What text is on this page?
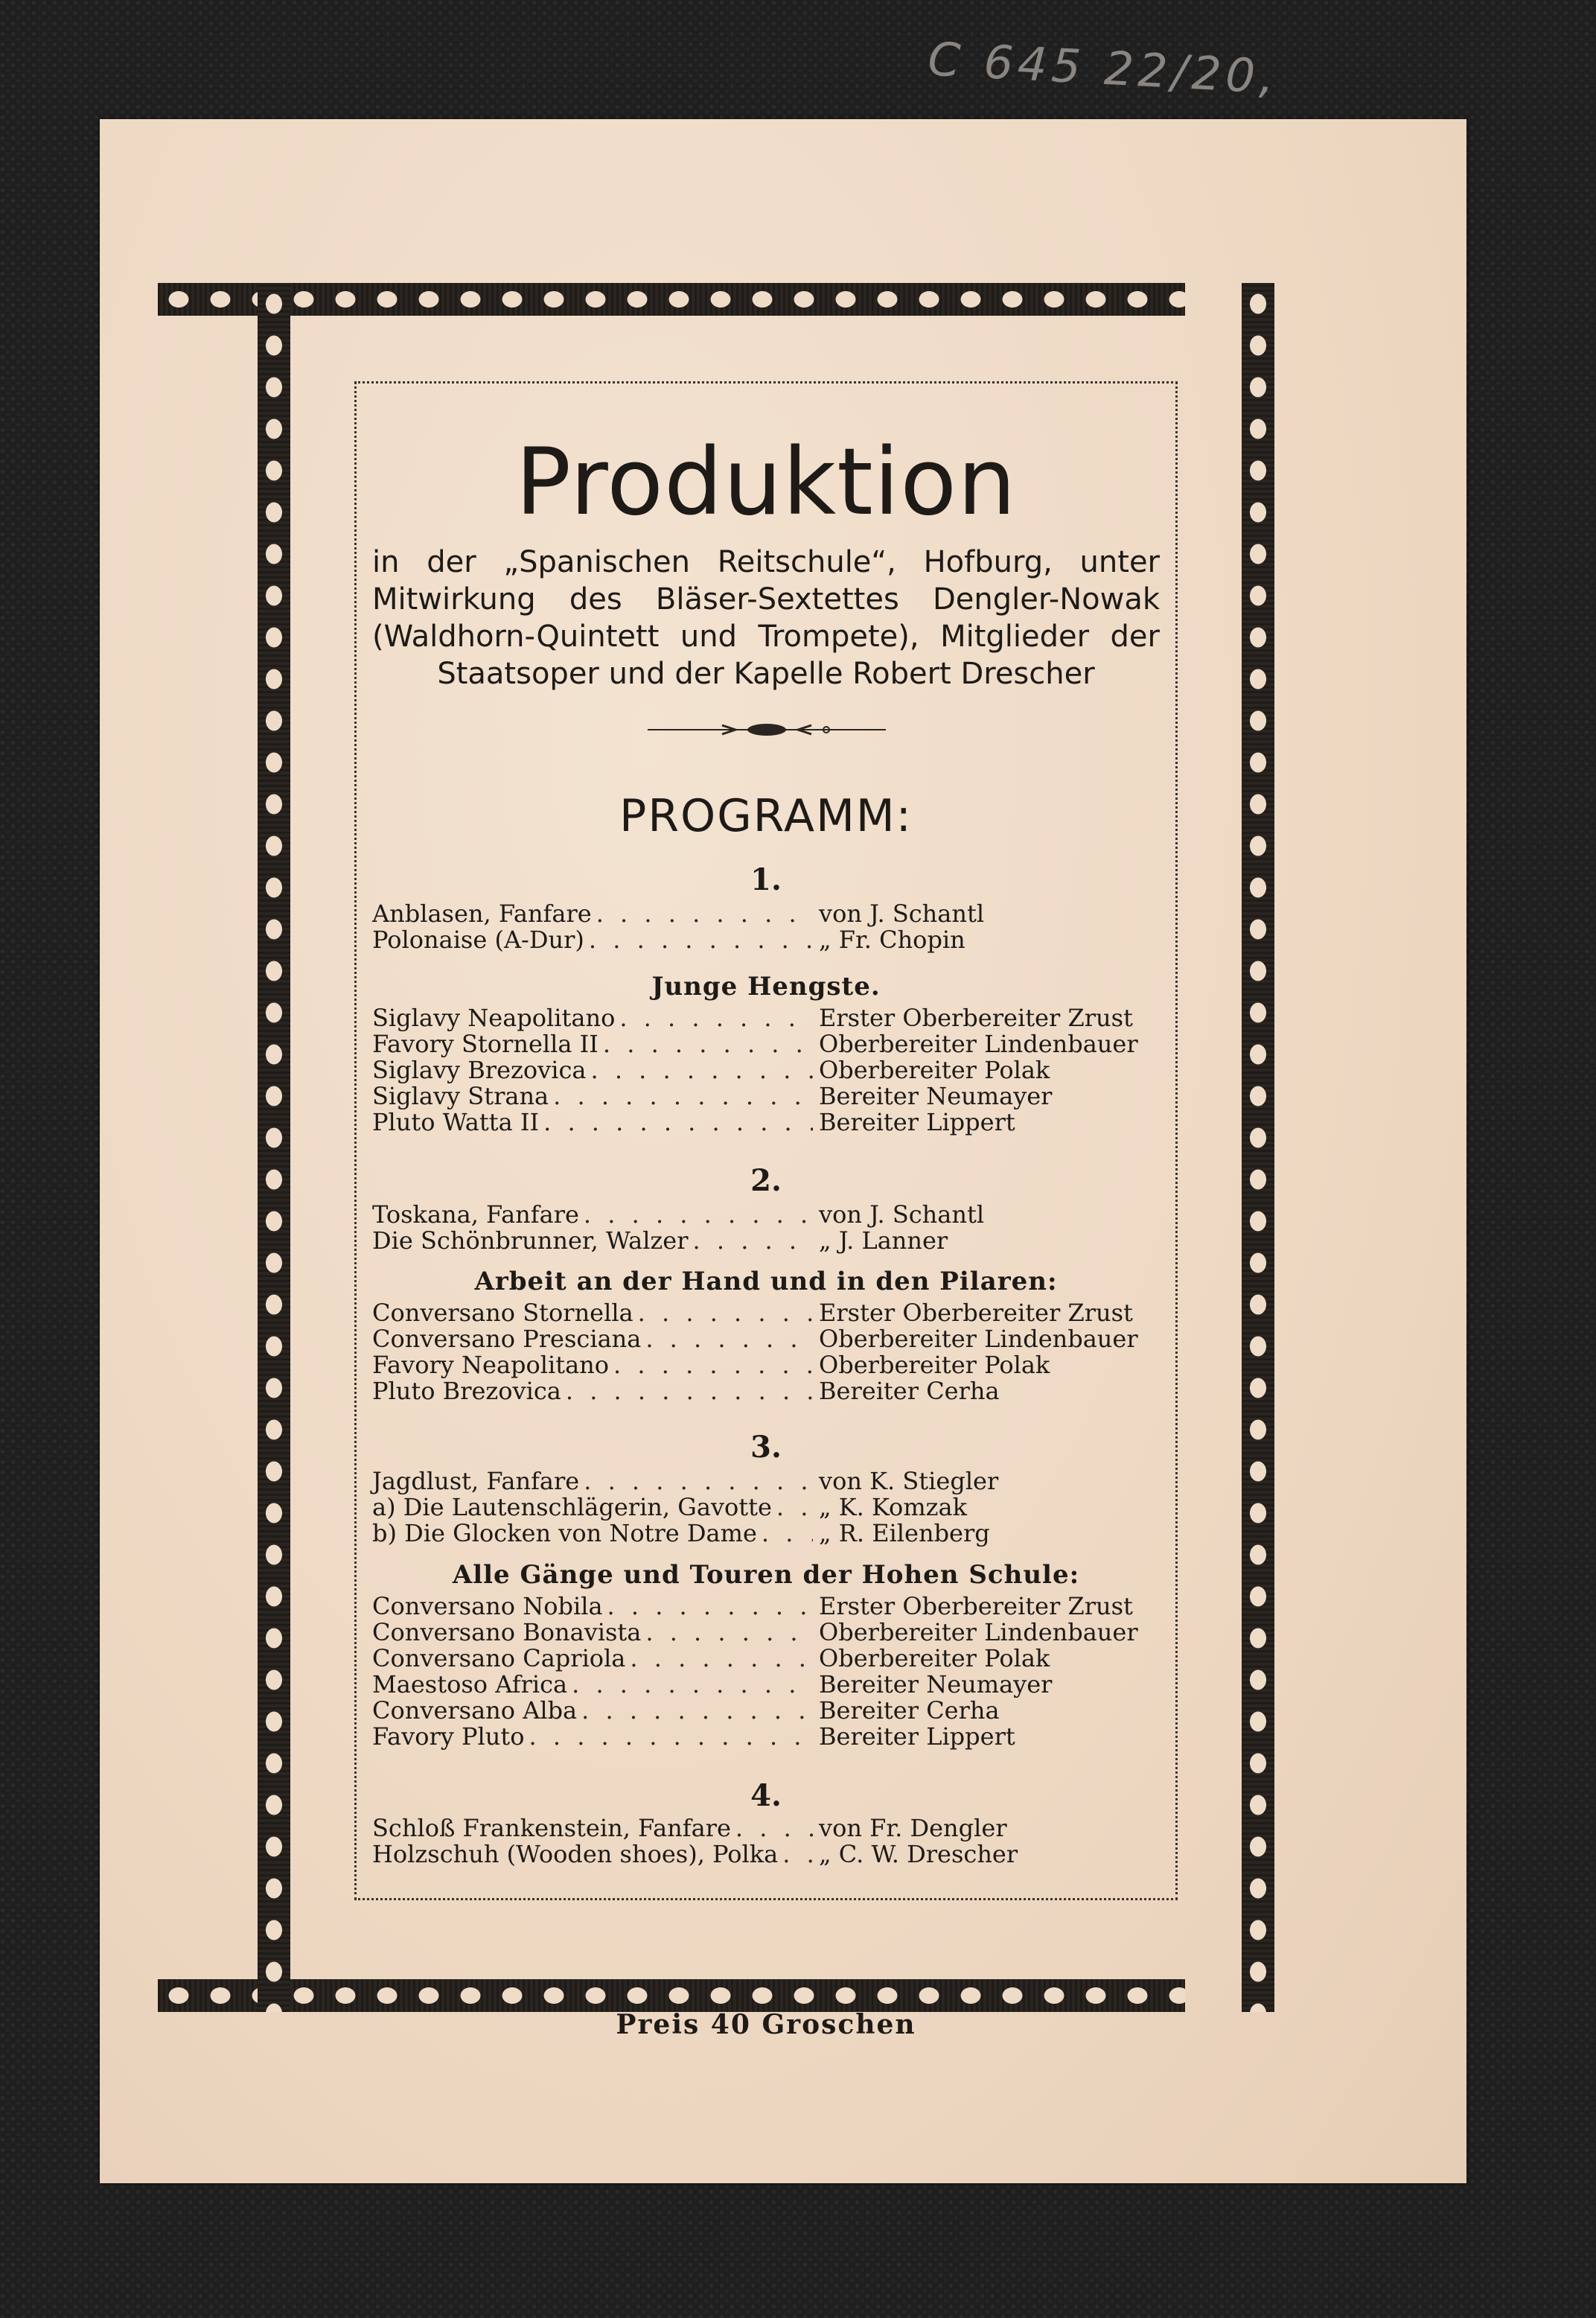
C 645 22/20,
Produktion
in der „Spanischen Reitschule“, Hofburg, unter
Mitwirkung des Bläser-Sextettes Dengler-Nowak
(Waldhorn-Quintett und Trompete), Mitglieder der
Staatsoper und der Kapelle Robert Drescher
PROGRAMM:
1.
Anblasen, Fanfare . . .	von J. Schantl
Polonaise (A-Dur) . . .	„ Fr. Chopin
Junge Hengste.
Siglavy Neapolitano . . .	Erster Oberbereiter Zrust
Favory Stornella II . . .	Oberbereiter Lindenbauer
Siglavy Brezovica . . .	Oberbereiter Polak
Siglavy Strana . . .	Bereiter Neumayer
Pluto Watta II . . .	Bereiter Lippert
2.
Toskana, Fanfare . . .	von J. Schantl
Die Schönbrunner, Walzer . . .	„ J. Lanner
Arbeit an der Hand und in den Pilaren:
Conversano Stornella . . .	Erster Oberbereiter Zrust
Conversano Presciana . . .	Oberbereiter Lindenbauer
Favory Neapolitano . . .	Oberbereiter Polak
Pluto Brezovica . . .	Bereiter Cerha
3.
Jagdlust, Fanfare . . .	von K. Stiegler
a) Die Lautenschlägerin, Gavotte . . . „ K. Komzak
b) Die Glocken von Notre Dame . . .	„ R. Eilenberg
Alle Gänge und Touren der Hohen Schule:
Conversano Nobila . . .	Erster Oberbereiter Zrust
Conversano Bonavista . . .	Oberbereiter Lindenbauer
Conversano Capriola . . .	Oberbereiter Polak
Maestoso Africa . . .	Bereiter Neumayer
Conversano Alba . . .	Bereiter Cerha
Favory Pluto . . .	Bereiter Lippert
4.
Schloß Frankenstein, Fanfare . . .	von Fr. Dengler
Holzschuh (Wooden shoes), Polka . . . „ C. W. Drescher
Preis 40 Groschen
